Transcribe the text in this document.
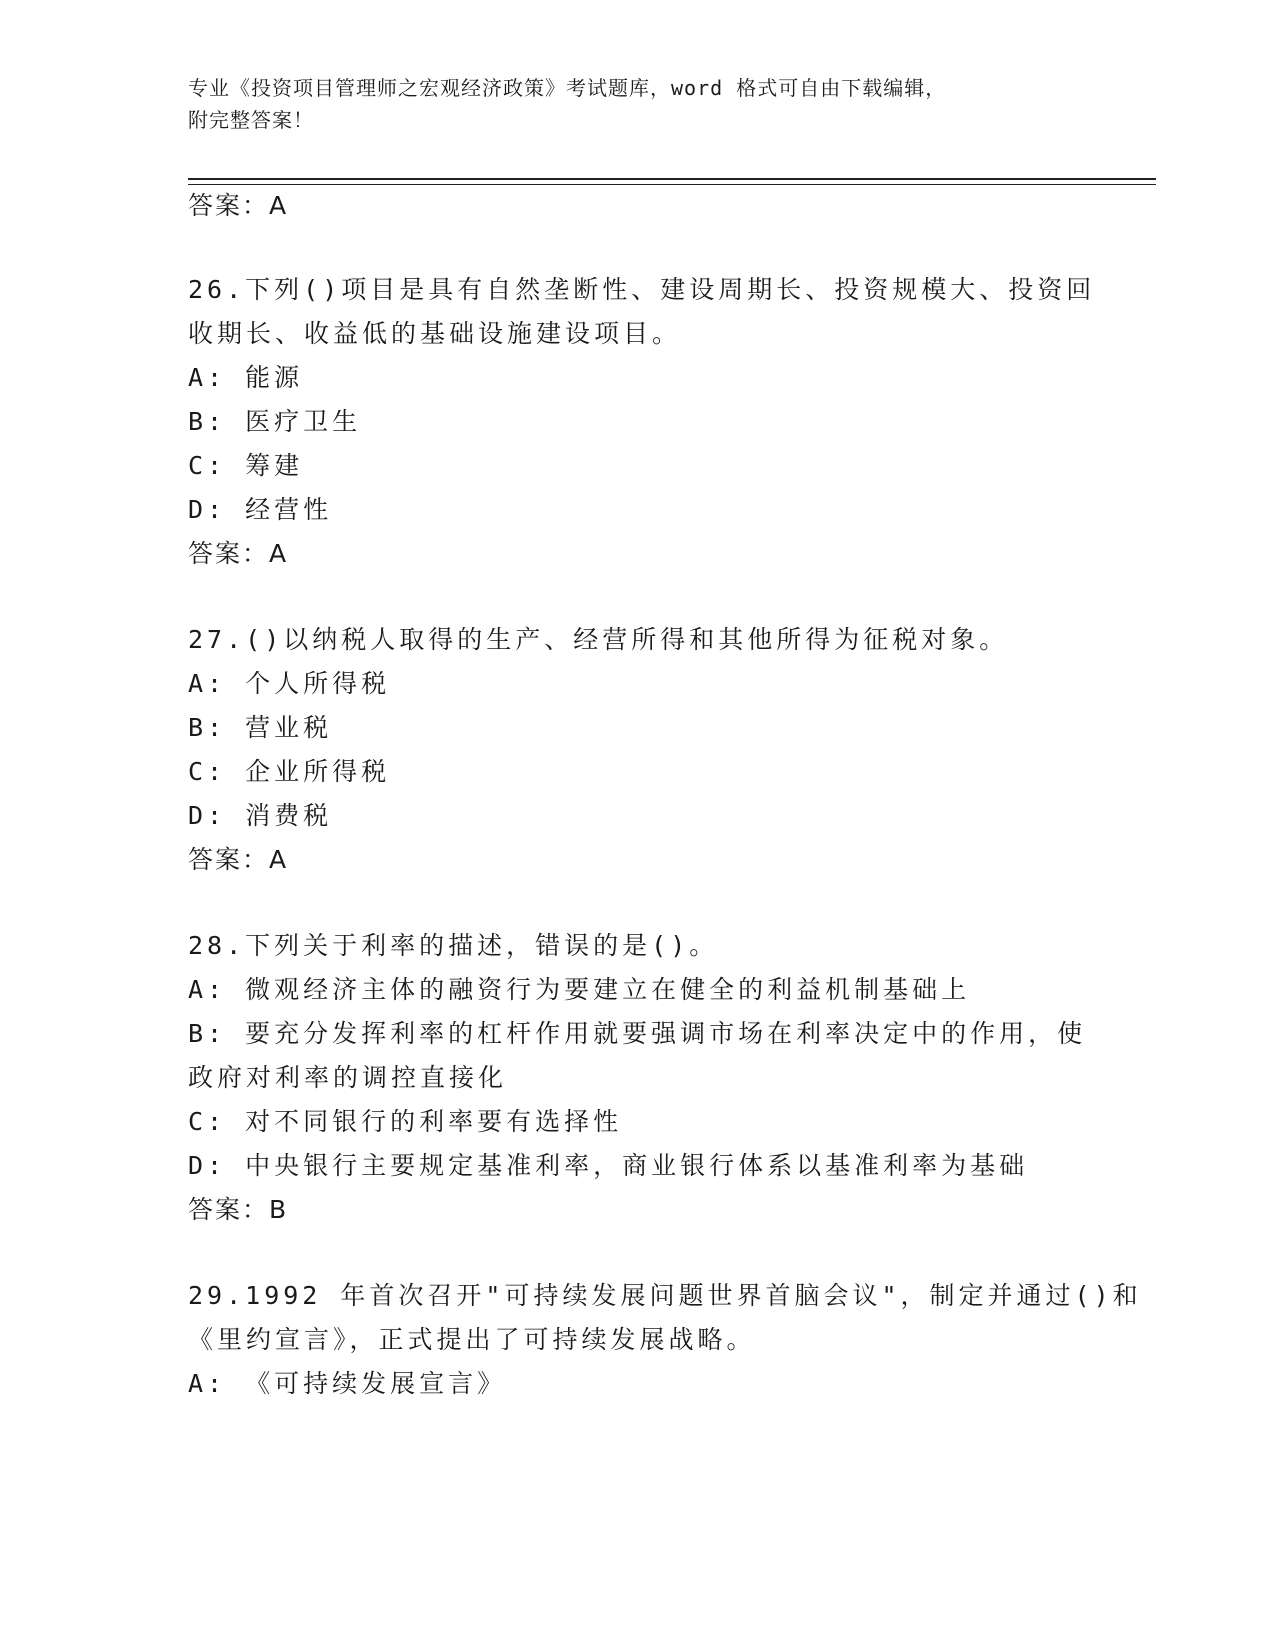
专业《投资项目管理师之宏观经济政策》考试题库，word 格式可自由下载编辑，
附完整答案！
答案：A
26.下列()项目是具有自然垄断性、建设周期长、投资规模大、投资回
收期长、收益低的基础设施建设项目。
A: 能源
B: 医疗卫生
C: 筹建
D: 经营性
答案：A
27.()以纳税人取得的生产、经营所得和其他所得为征税对象。
A: 个人所得税
B: 营业税
C: 企业所得税
D: 消费税
答案：A
28.下列关于利率的描述，错误的是()。
A: 微观经济主体的融资行为要建立在健全的利益机制基础上
B: 要充分发挥利率的杠杆作用就要强调市场在利率决定中的作用，使
政府对利率的调控直接化
C: 对不同银行的利率要有选择性
D: 中央银行主要规定基准利率，商业银行体系以基准利率为基础
答案：B
29.1992 年首次召开"可持续发展问题世界首脑会议"，制定并通过()和
《里约宣言》，正式提出了可持续发展战略。
A: 《可持续发展宣言》
